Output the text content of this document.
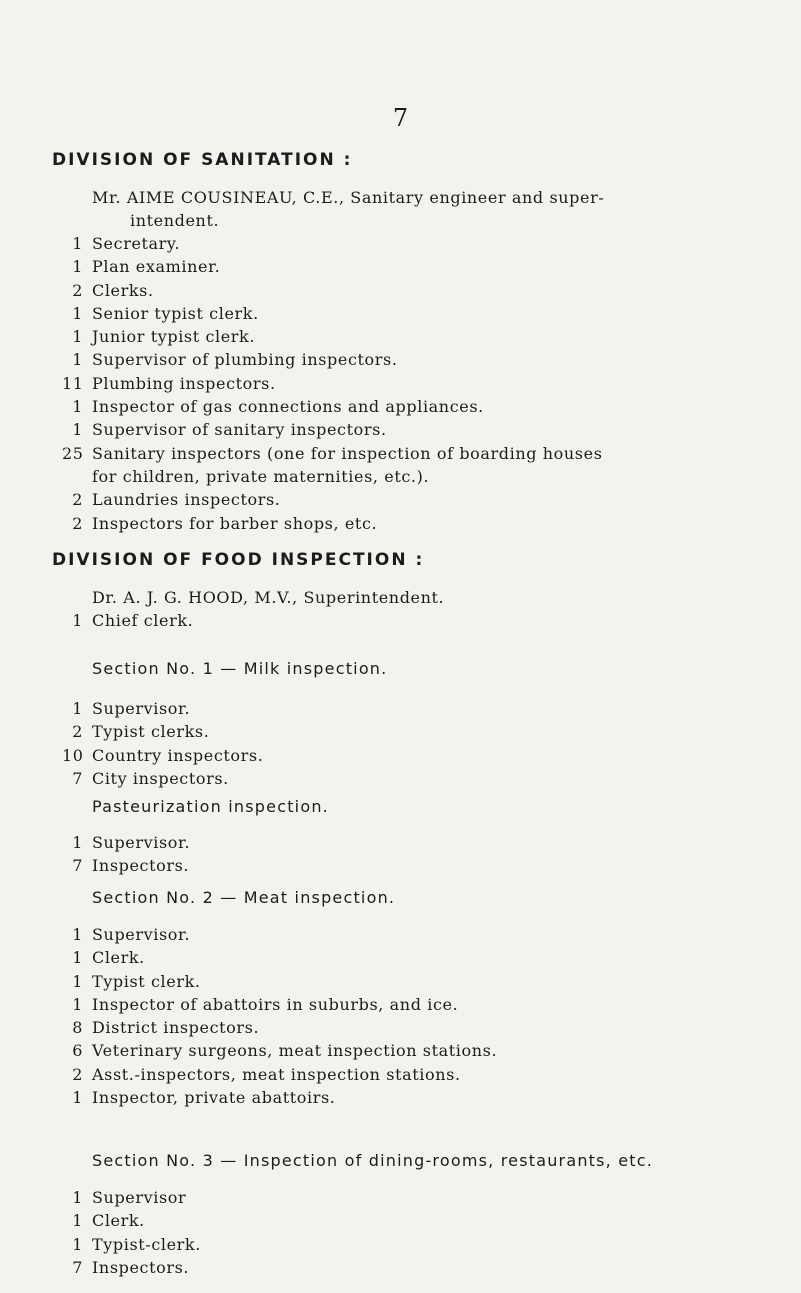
7
DIVISION OF SANITATION :
Mr. AIME COUSINEAU, C.E., Sanitary engineer and super-
intendent.
1 Secretary.
1 Plan examiner.
2 Clerks.
1 Senior typist clerk.
1 Junior typist clerk.
1 Supervisor of plumbing inspectors.
11 Plumbing inspectors.
1 Inspector of gas connections and appliances.
1 Supervisor of sanitary inspectors.
25 Sanitary inspectors (one for inspection of boarding houses
for children, private maternities, etc.).
2 Laundries inspectors.
2 Inspectors for barber shops, etc.
DIVISION OF FOOD INSPECTION :
Dr. A. J. G. HOOD, M.V., Superintendent.
1 Chief clerk.
Section No. 1 — Milk inspection.
1 Supervisor.
2 Typist clerks.
10 Country inspectors.
7 City inspectors.
Pasteurization inspection.
1 Supervisor.
7 Inspectors.
Section No. 2 — Meat inspection.
1 Supervisor.
1 Clerk.
1 Typist clerk.
1 Inspector of abattoirs in suburbs, and ice.
8 District inspectors.
6 Veterinary surgeons, meat inspection stations.
2 Asst.-inspectors, meat inspection stations.
1 Inspector, private abattoirs.
Section No. 3 — Inspection of dining-rooms, restaurants, etc.
1 Supervisor
1 Clerk.
1 Typist-clerk.
7 Inspectors.
